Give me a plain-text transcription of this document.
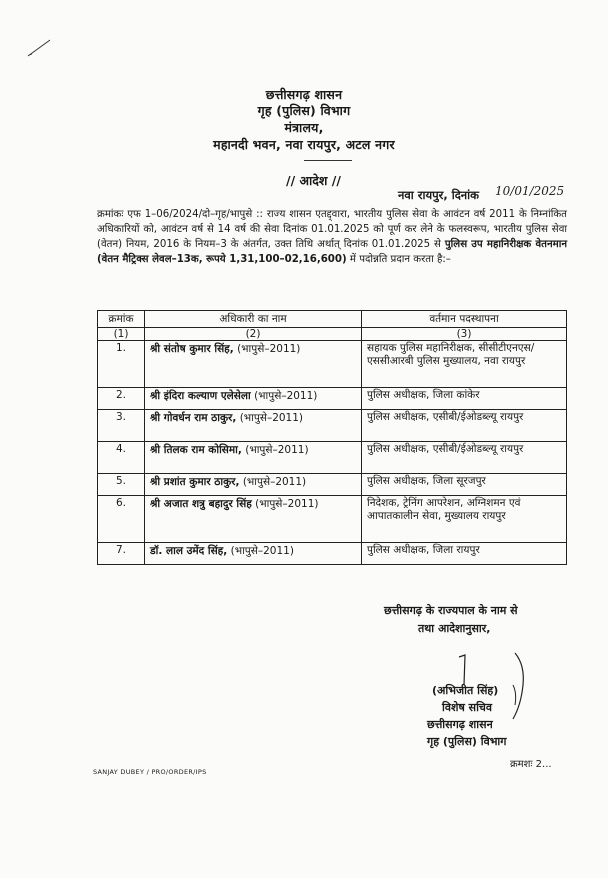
छत्तीसगढ़ शासन
गृह (पुलिस) विभाग
मंत्रालय,
महानदी भवन, नवा रायपुर, अटल नगर
// आदेश //
नवा रायपुर, दिनांक 10/01/2025
क्रमांकः एफ 1–06/2024/दो–गृह/भापुसे :: राज्य शासन एतद्द्वारा, भारतीय पुलिस सेवा के आवंटन वर्ष 2011 के निम्नांकित अधिकारियों को, आवंटन वर्ष से 14 वर्ष की सेवा दिनांक 01.01.2025 को पूर्ण कर लेने के फलस्वरूप, भारतीय पुलिस सेवा (वेतन) नियम, 2016 के नियम–3 के अंतर्गत, उक्त तिथि अर्थात् दिनांक 01.01.2025 से पुलिस उप महानिरीक्षक वेतनमान (वेतन मैट्रिक्स लेवल–13क, रूपये 1,31,100–02,16,600) में पदोन्नति प्रदान करता है:–
क्रमांक	अधिकारी का नाम	वर्तमान पदस्थापना
(1)	(2)	(3)
1.	श्री संतोष कुमार सिंह, (भापुसे–2011)	सहायक पुलिस महानिरीक्षक, सीसीटीएनएस/एससीआरबी पुलिस मुख्यालय, नवा रायपुर
2.	श्री इंदिरा कल्याण एलेसेला (भापुसे–2011)	पुलिस अधीक्षक, जिला कांकेर
3.	श्री गोवर्धन राम ठाकुर, (भापुसे–2011)	पुलिस अधीक्षक, एसीबी/ईओडब्ल्यू रायपुर
4.	श्री तिलक राम कोसिमा, (भापुसे–2011)	पुलिस अधीक्षक, एसीबी/ईओडब्ल्यू रायपुर
5.	श्री प्रशांत कुमार ठाकुर, (भापुसे–2011)	पुलिस अधीक्षक, जिला सूरजपुर
6.	श्री अजात शत्रु बहादुर सिंह (भापुसे–2011)	निदेशक, ट्रेनिंग आपरेशन, अग्निशमन एवं आपातकालीन सेवा, मुख्यालय रायपुर
7.	डॉ. लाल उमेंद सिंह, (भापुसे–2011)	पुलिस अधीक्षक, जिला रायपुर
छत्तीसगढ़ के राज्यपाल के नाम से
तथा आदेशानुसार,
(अभिजीत सिंह)
विशेष सचिव
छत्तीसगढ़ शासन
गृह (पुलिस) विभाग
क्रमशः 2...
SANJAY DUBEY / PRO/ORDER/IPS
